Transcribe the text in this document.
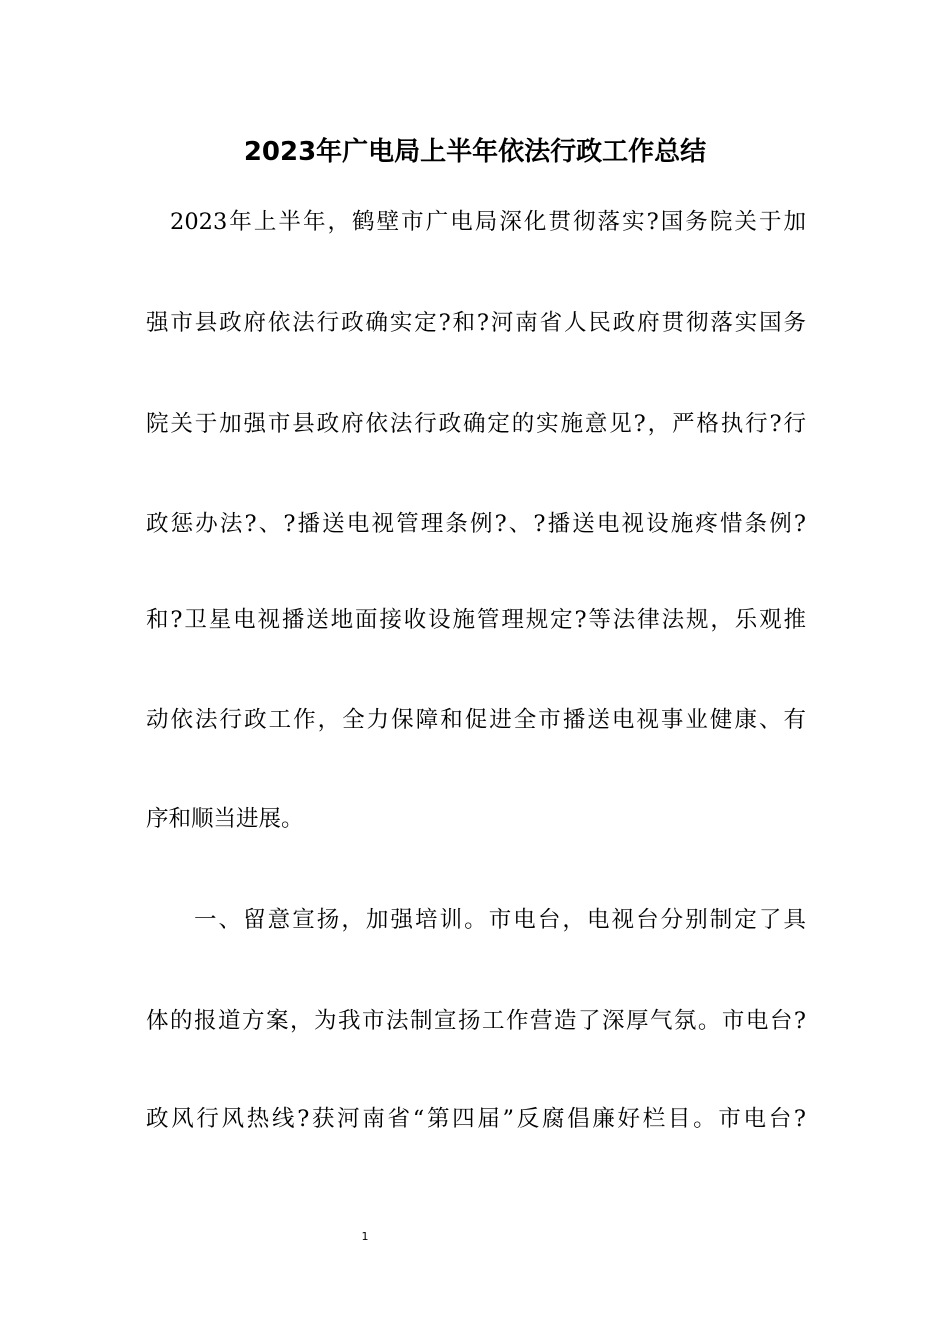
2023年广电局上半年依法行政工作总结
2023年上半年，鹤壁市广电局深化贯彻落实?国务院关于加
强市县政府依法行政确实定?和?河南省人民政府贯彻落实国务
院关于加强市县政府依法行政确定的实施意见?，严格执行?行
政惩办法?、?播送电视管理条例?、?播送电视设施疼惜条例?
和?卫星电视播送地面接收设施管理规定?等法律法规，乐观推
动依法行政工作，全力保障和促进全市播送电视事业健康、有
序和顺当进展。
一、留意宣扬，加强培训。市电台，电视台分别制定了具
体的报道方案，为我市法制宣扬工作营造了深厚气氛。市电台?
政风行风热线?获河南省“第四届”反腐倡廉好栏目。市电台?
1
